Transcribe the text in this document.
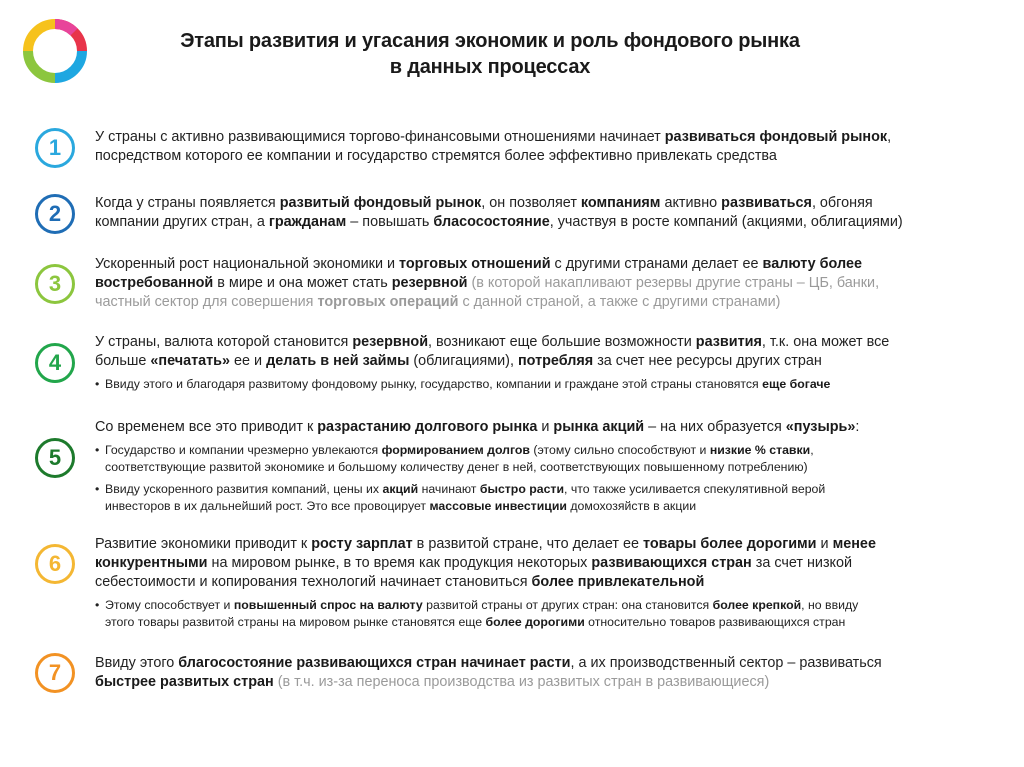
Этапы развития и угасания экономик и роль фондового рынка
в данных процессах
1	У страны с активно развивающимися торгово-финансовыми отношениями начинает развиваться фондовый рынок,
посредством которого ее компании и государство стремятся более эффективно привлекать средства
2	Когда у страны появляется развитый фондовый рынок, он позволяет компаниям активно развиваться, обгоняя
компании других стран, а гражданам – повышать бласосостояние, участвуя в росте компаний (акциями, облигациями)
3
Ускоренный рост национальной экономики и торговых отношений с другими странами делает ее валюту более
востребованной в мире и она может стать резервной (в которой накапливают резервы другие страны – ЦБ, банки,
частный сектор для совершения торговых операций с данной страной, а также с другими странами)
4
У страны, валюта которой становится резервной, возникают еще большие возможности развития, т.к. она может все
больше «печатать» ее и делать в ней займы (облигациями), потребляя за счет нее ресурсы других стран
• Ввиду этого и благодаря развитому фондовому рынку, государство, компании и граждане этой страны становятся еще богаче
5
Со временем все это приводит к разрастанию долгового рынка и рынка акций – на них образуется «пузырь»:
• Государство и компании чрезмерно увлекаются формированием долгов (этому сильно способствуют и низкие % ставки,
соответствующие развитой экономике и большому количеству денег в ней, соответствующих повышенному потреблению)
• Ввиду ускоренного развития компаний, цены их акций начинают быстро расти, что также усиливается спекулятивной верой
инвесторов в их дальнейший рост. Это все провоцирует массовые инвестиции домохозяйств в акции
6
Развитие экономики приводит к росту зарплат в развитой стране, что делает ее товары более дорогими и менее
конкурентными на мировом рынке, в то время как продукция некоторых развивающихся стран за счет низкой
себестоимости и копирования технологий начинает становиться более привлекательной
• Этому способствует и повышенный спрос на валюту развитой страны от других стран: она становится более крепкой, но ввиду
этого товары развитой страны на мировом рынке становятся еще более дорогими относительно товаров развивающихся стран
7	Ввиду этого благосостояние развивающихся стран начинает расти, а их производственный сектор – развиваться
быстрее развитых стран (в т.ч. из-за переноса производства из развитых стран в развивающиеся)
